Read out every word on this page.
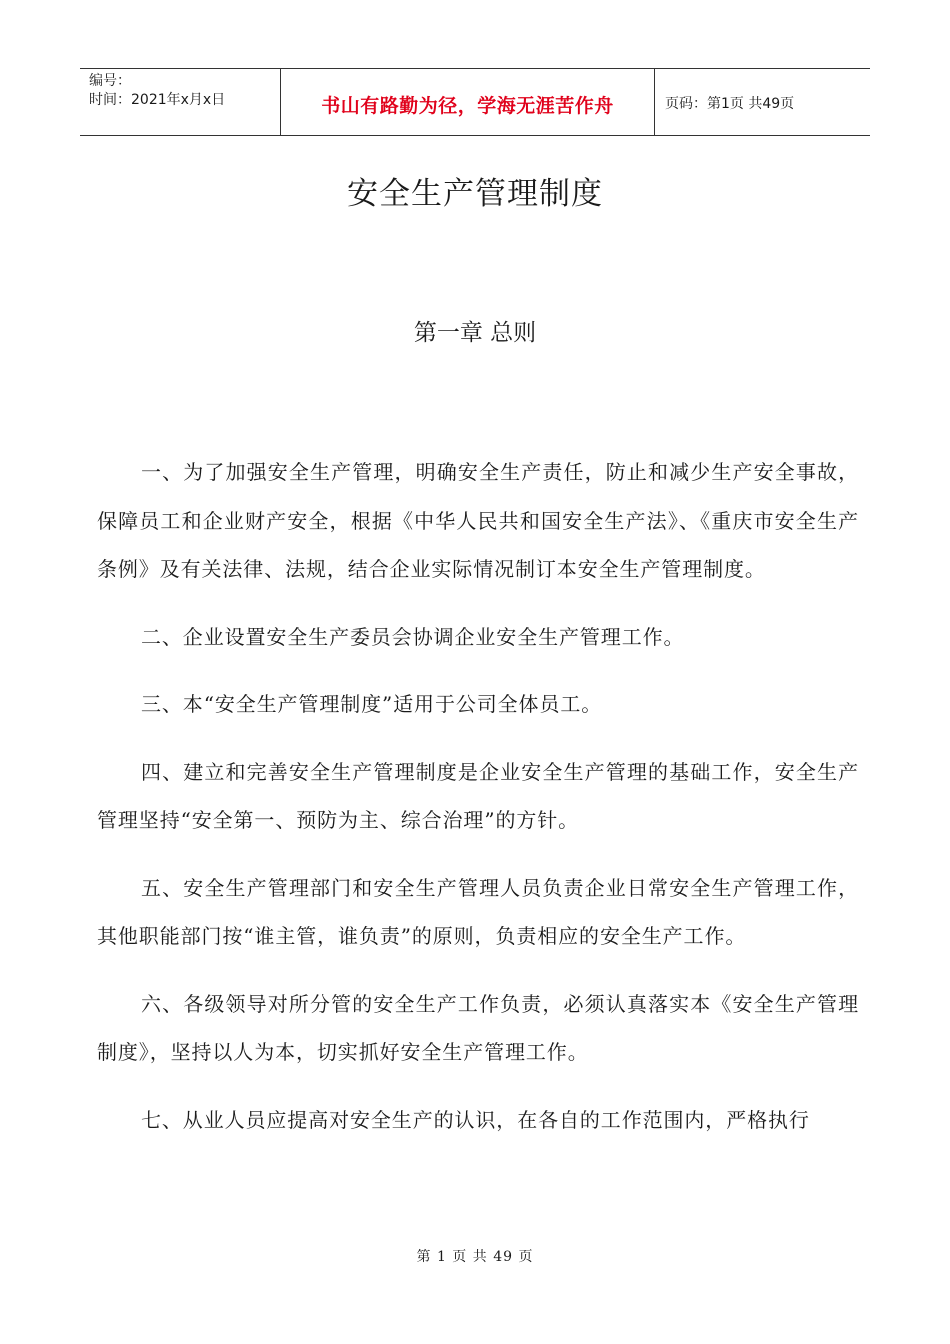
编号：
时间：2021年x月x日	书山有路勤为径，学海无涯苦作舟	页码：第1页 共49页
安全生产管理制度
第一章 总则

一、为了加强安全生产管理，明确安全生产责任，防止和减少生产安全事故，保障员工和企业财产安全，根据《中华人民共和国安全生产法》、《重庆市安全生产条例》及有关法律、法规，结合企业实际情况制订本安全生产管理制度。

二、企业设置安全生产委员会协调企业安全生产管理工作。

三、本“安全生产管理制度”适用于公司全体员工。

四、建立和完善安全生产管理制度是企业安全生产管理的基础工作，安全生产管理坚持“安全第一、预防为主、综合治理”的方针。

五、安全生产管理部门和安全生产管理人员负责企业日常安全生产管理工作，其他职能部门按“谁主管，谁负责”的原则，负责相应的安全生产工作。

六、各级领导对所分管的安全生产工作负责，必须认真落实本《安全生产管理制度》，坚持以人为本，切实抓好安全生产管理工作。

七、从业人员应提高对安全生产的认识，在各自的工作范围内，严格执行

第 1 页 共 49 页
